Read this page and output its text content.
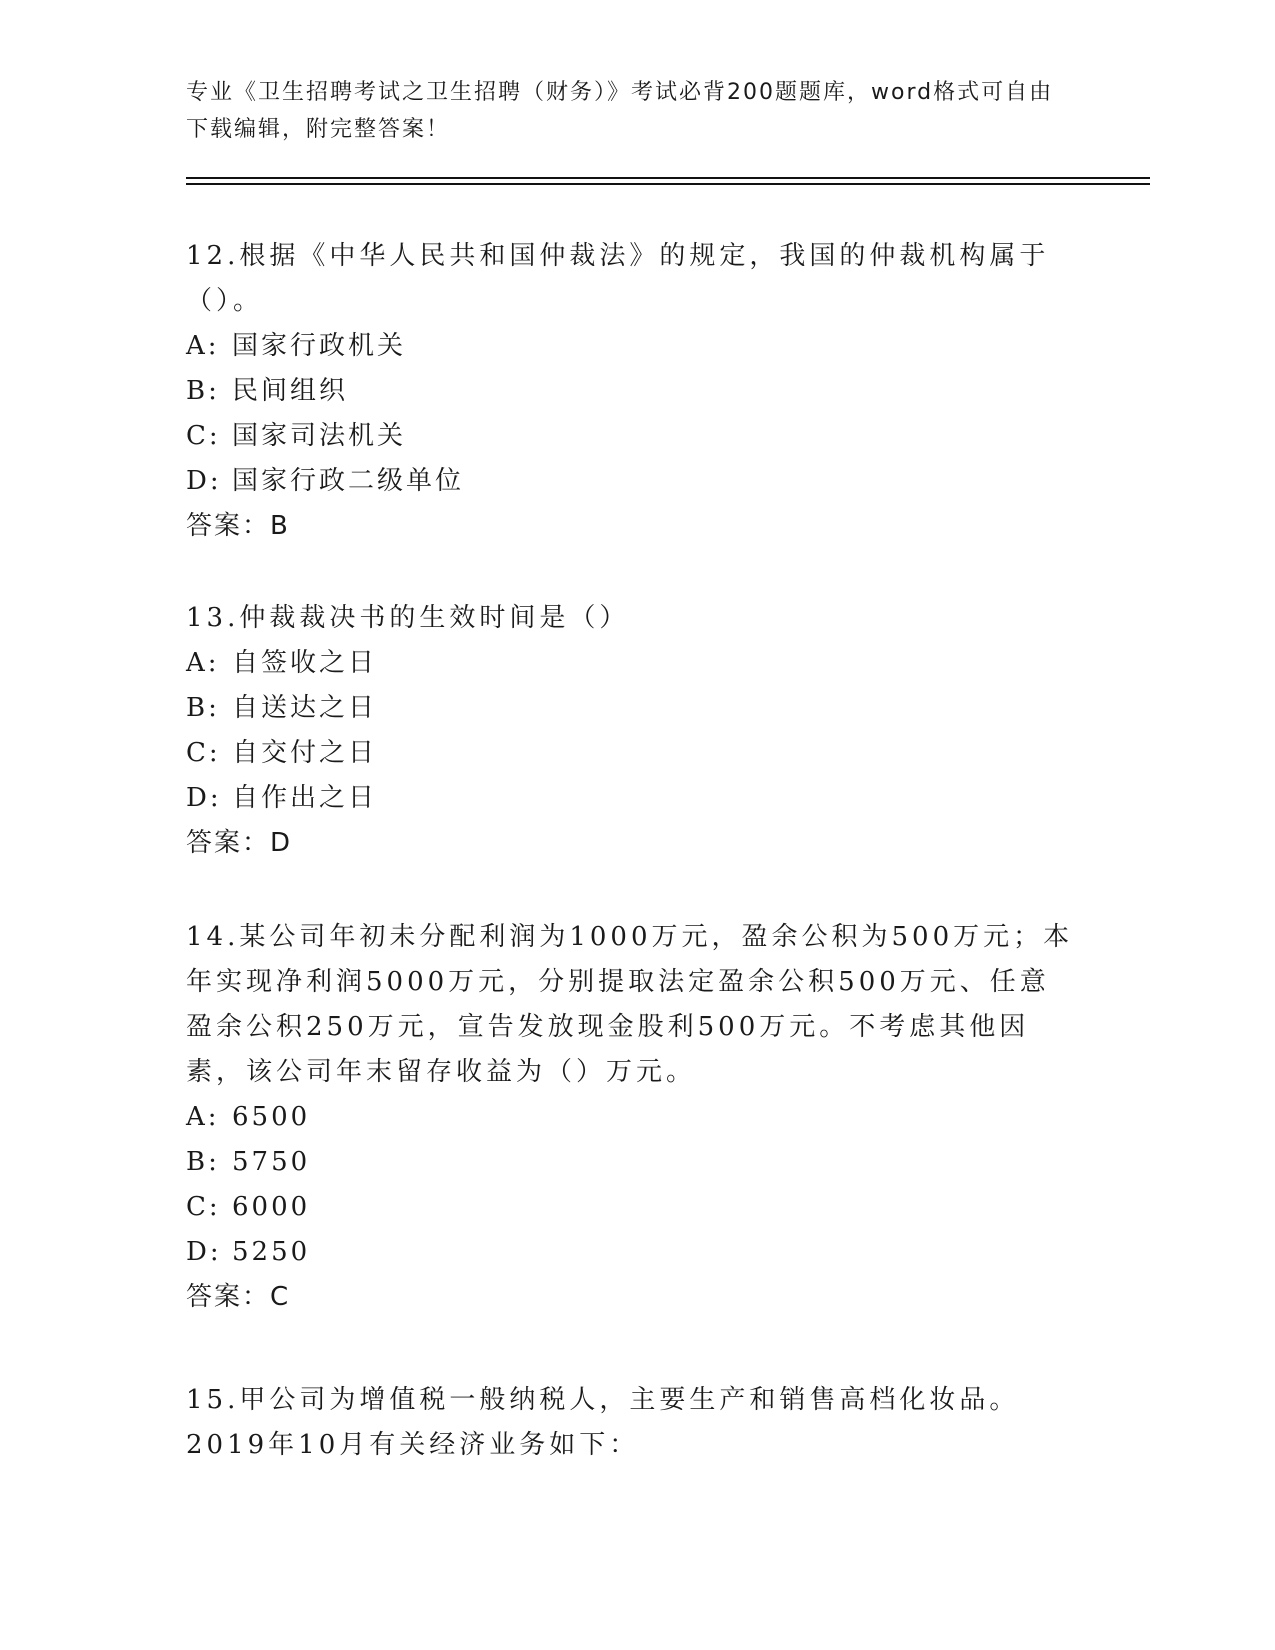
专业《卫生招聘考试之卫生招聘（财务）》考试必背200题题库，word格式可自由下载编辑，附完整答案！

12.根据《中华人民共和国仲裁法》的规定，我国的仲裁机构属于（）。

A: 国家行政机关

B: 民间组织

C: 国家司法机关

D: 国家行政二级单位

答案：B

13.仲裁裁决书的生效时间是（）

A: 自签收之日

B: 自送达之日

C: 自交付之日

D: 自作出之日

答案：D

14.某公司年初未分配利润为1000万元，盈余公积为500万元；本年实现净利润5000万元，分别提取法定盈余公积500万元、任意盈余公积250万元，宣告发放现金股利500万元。不考虑其他因素，该公司年末留存收益为（）万元。

A: 6500

B: 5750

C: 6000

D: 5250

答案：C

15.甲公司为增值税一般纳税人，主要生产和销售高档化妆品。2019年10月有关经济业务如下：
